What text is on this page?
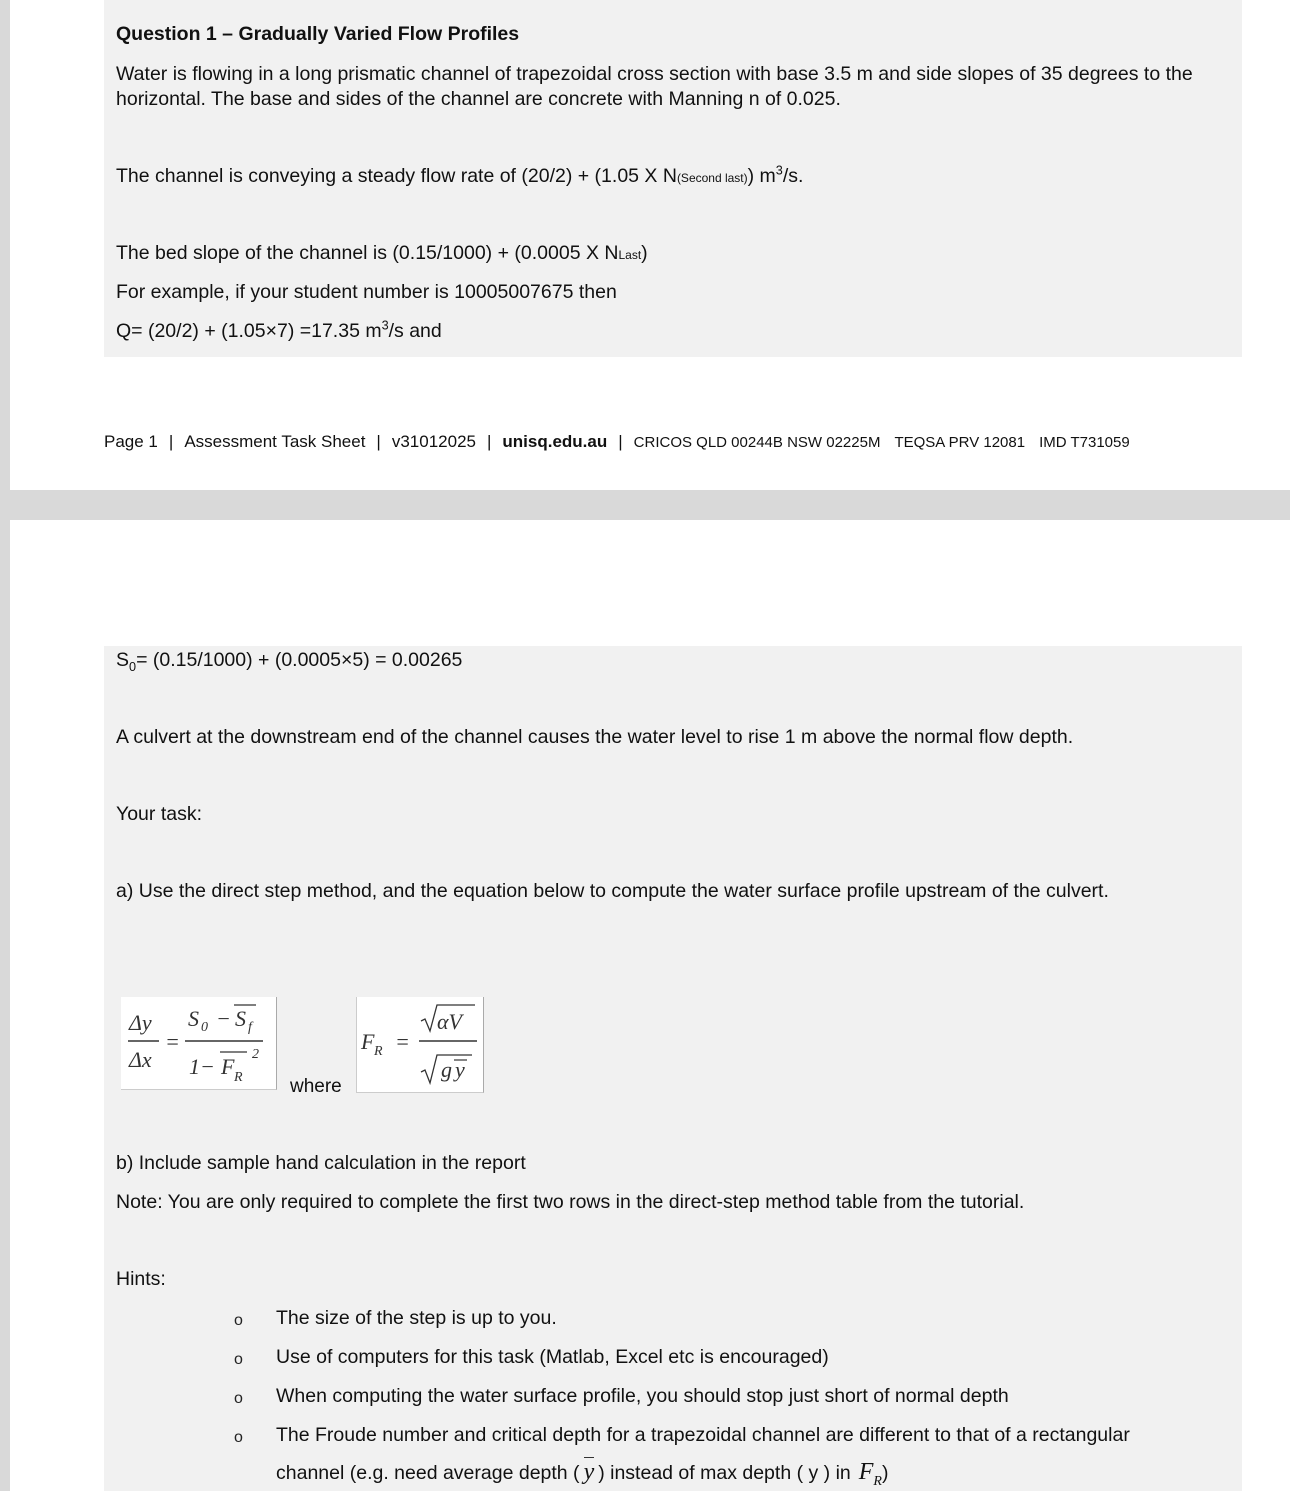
Question 1 – Gradually Varied Flow Profiles

Water is flowing in a long prismatic channel of trapezoidal cross section with base 3.5 m and side slopes of 35 degrees to the horizontal. The base and sides of the channel are concrete with Manning n of 0.025.

The channel is conveying a steady flow rate of (20/2) + (1.05 X N(Second last)) $m^3/s$.

The bed slope of the channel is (0.15/1000) + (0.0005 X NLast)

For example, if your student number is 10005007675 then

Q= (20/2) + (1.05×7) =17.35 $m^3/s$ and

Page 1 | Assessment Task Sheet | v31012025 | unisq.edu.au | CRICOS QLD 00244B NSW 02225M TEQSA PRV 12081 IMD T731059

$S_0= (0.15/1000) + (0.0005\times 5) = 0.00265$

A culvert at the downstream end of the channel causes the water level to rise 1 m above the normal flow depth.

Your task:

a) Use the direct step method, and the equation below to compute the water surface profile upstream of the culvert.

Δy
Δx
=
S 0 − S f
1− F R
2

where

F R =
αV
g y

b) Include sample hand calculation in the report

Note: You are only required to complete the first two rows in the direct-step method table from the tutorial.

Hints:

o The size of the step is up to you.
o Use of computers for this task (Matlab, Excel etc is encouraged)
o When computing the water surface profile, you should stop just short of normal depth
o The Froude number and critical depth for a trapezoidal channel are different to that of a rectangular
channel (e.g. need average depth ( y ) instead of max depth ( y ) in $F_R$)
